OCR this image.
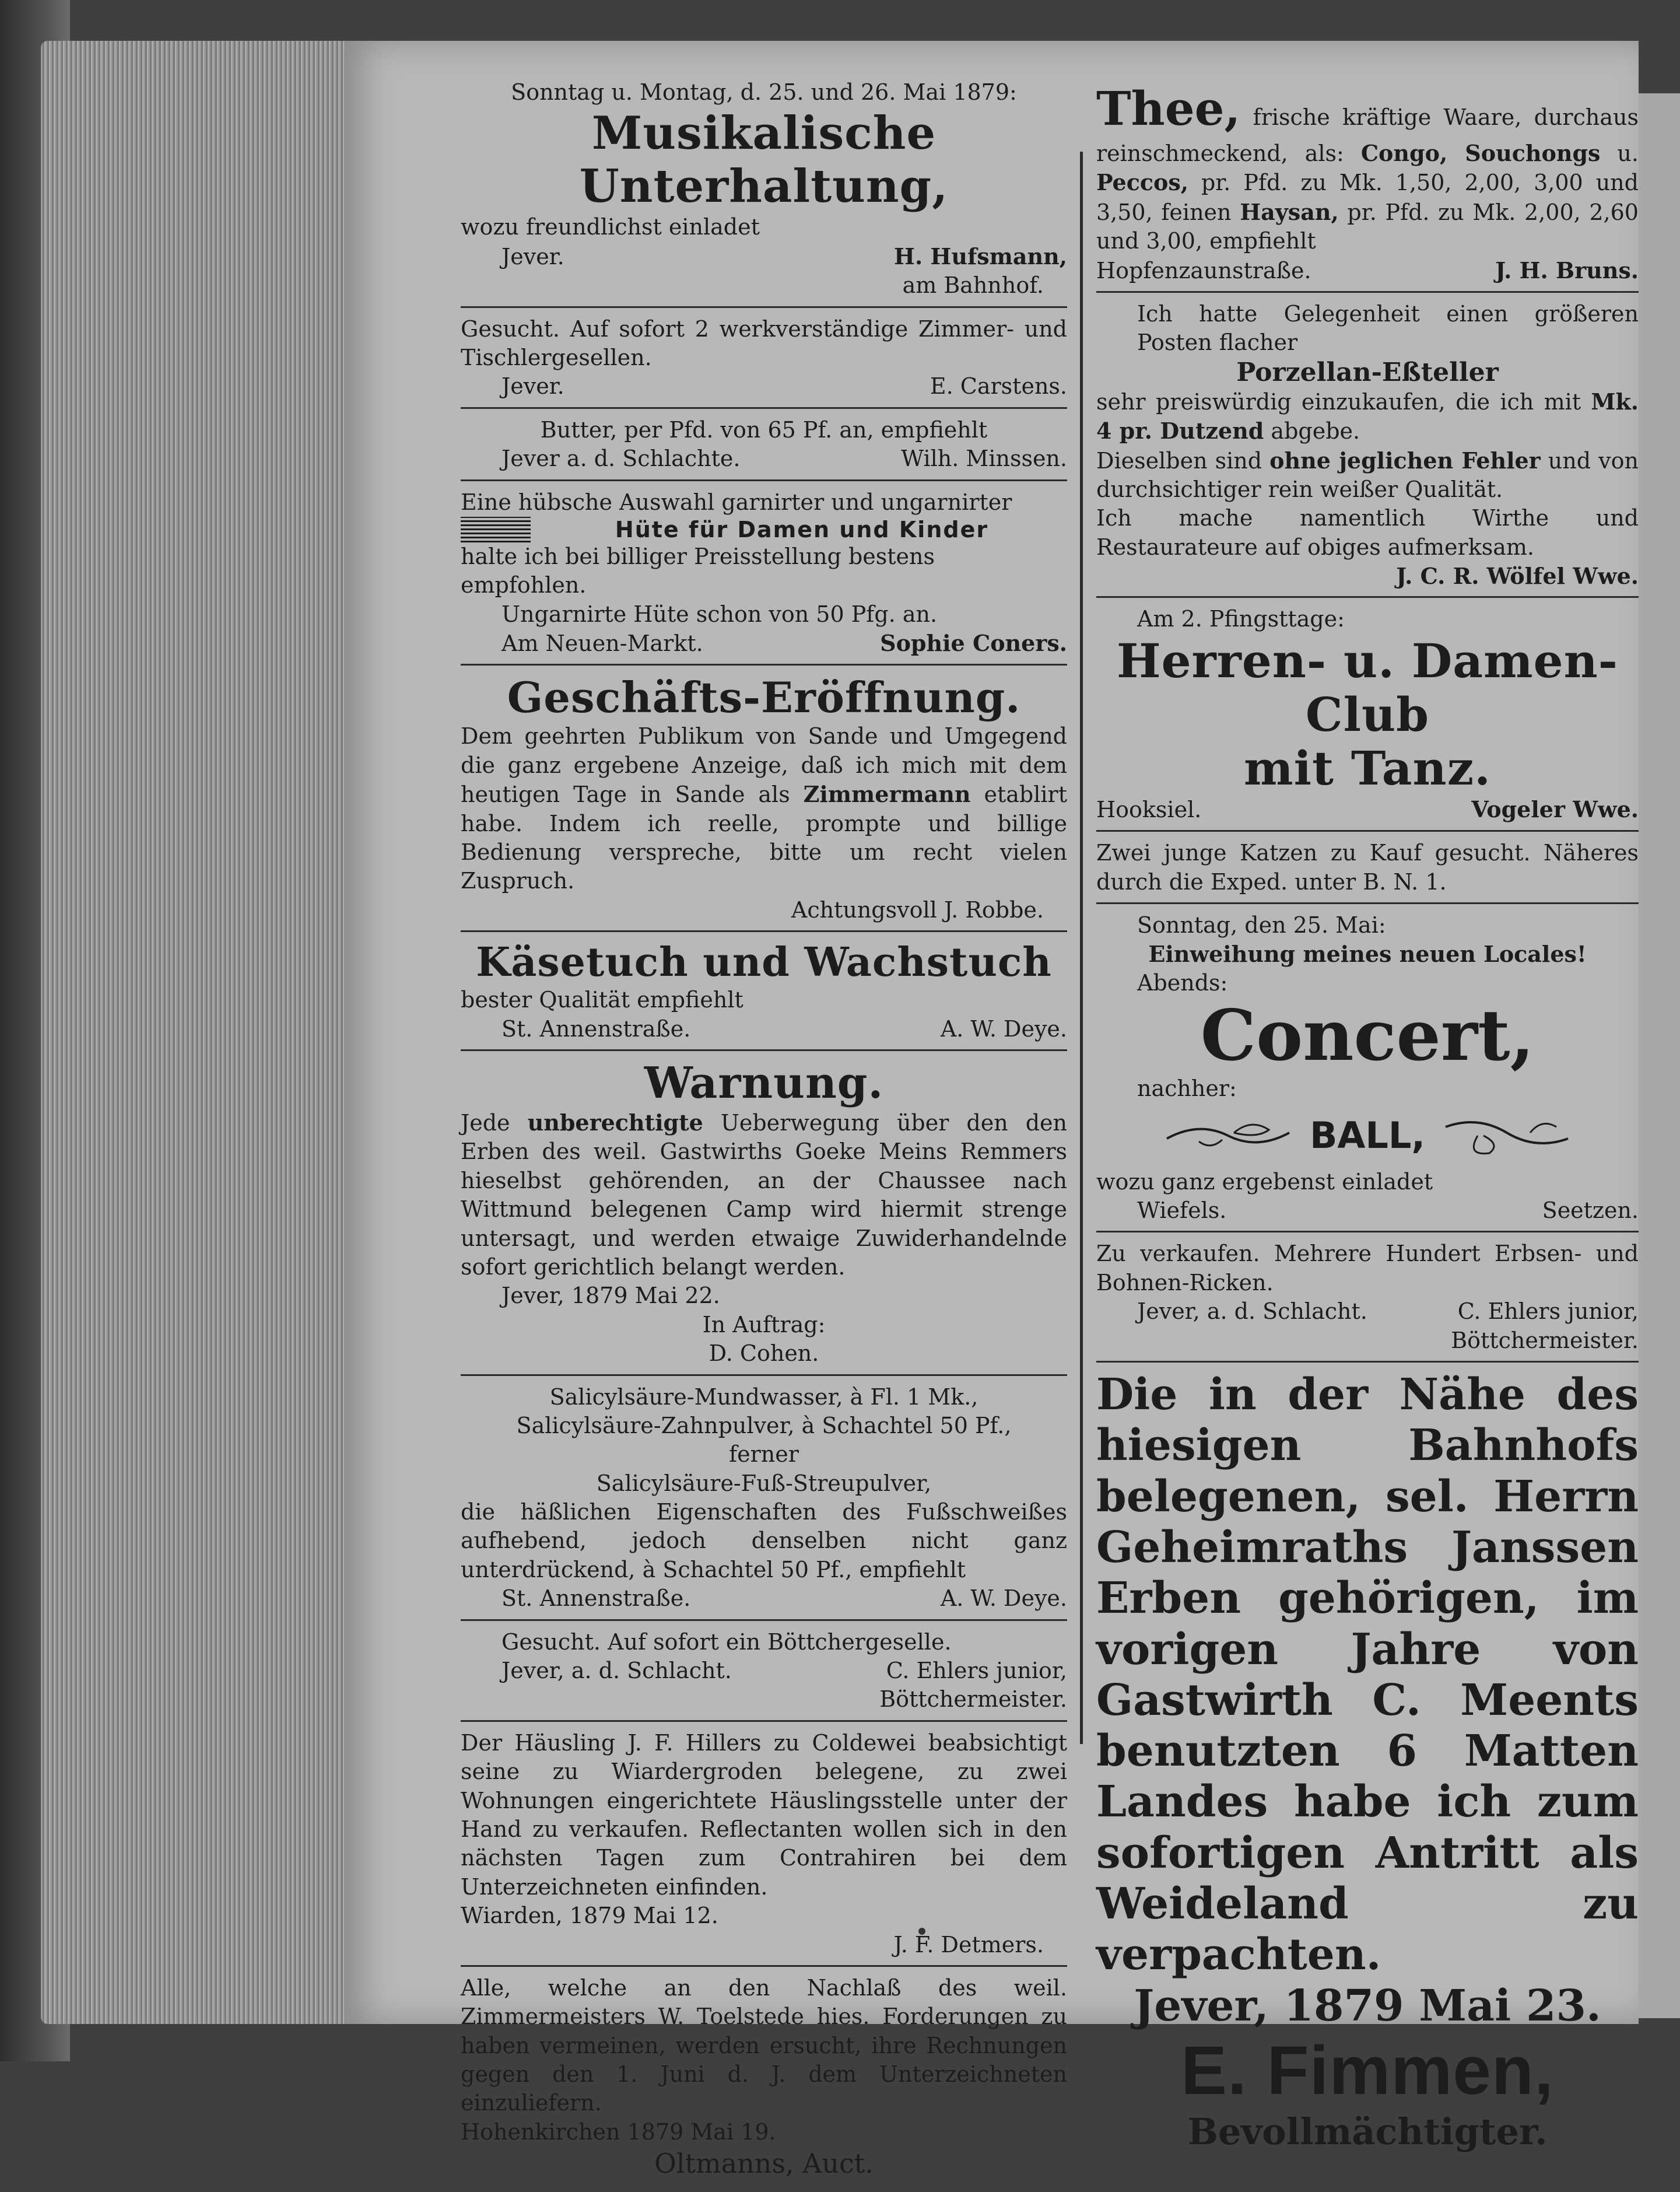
Sonntag u. Montag, d. 25. und 26. Mai 1879:
Musikalische Unterhaltung,
wozu freundlichst einladet
Jever.	H. Hufsmann,
am Bahnhof.
Gesucht. Auf sofort 2 werkverständige Zimmer- und Tischlergesellen.
Jever.	E. Carstens.
Butter, per Pfd. von 65 Pf. an, empfiehlt
Jever a. d. Schlachte.	Wilh. Minssen.
Eine hübsche Auswahl garnirter und ungarnirter
Hüte für Damen und Kinder
halte ich bei billiger Preisstellung bestens empfohlen.
Ungarnirte Hüte schon von 50 Pfg. an.
Am Neuen-Markt.	Sophie Coners.
Geschäfts-Eröffnung.
Dem geehrten Publikum von Sande und Umgegend die ganz ergebene Anzeige, daß ich mich mit dem heutigen Tage in Sande als Zimmermann etablirt habe. Indem ich reelle, prompte und billige Bedienung verspreche, bitte um recht vielen Zuspruch.
Achtungsvoll J. Robbe.
Käsetuch und Wachstuch
bester Qualität empfiehlt
St. Annenstraße.	A. W. Deye.
Warnung.
Jede unberechtigte Ueberwegung über den den Erben des weil. Gastwirths Goeke Meins Remmers hieselbst gehörenden, an der Chaussee nach Wittmund belegenen Camp wird hiermit strenge untersagt, und werden etwaige Zuwiderhandelnde sofort gerichtlich belangt werden.
Jever, 1879 Mai 22.
In Auftrag:
D. Cohen.
Salicylsäure-Mundwasser, à Fl. 1 Mk.,
Salicylsäure-Zahnpulver, à Schachtel 50 Pf.,
ferner
Salicylsäure-Fuß-Streupulver,
die häßlichen Eigenschaften des Fußschweißes aufhebend, jedoch denselben nicht ganz unterdrückend, à Schachtel 50 Pf., empfiehlt
St. Annenstraße.	A. W. Deye.
Gesucht. Auf sofort ein Böttchergeselle.
Jever, a. d. Schlacht.	C. Ehlers junior,
Böttchermeister.
Der Häusling J. F. Hillers zu Coldewei beabsichtigt seine zu Wiardergroden belegene, zu zwei Wohnungen eingerichtete Häuslingsstelle unter der Hand zu verkaufen. Reflectanten wollen sich in den nächsten Tagen zum Contrahiren bei dem Unterzeichneten einfinden.
Wiarden, 1879 Mai 12.
J. F. Detmers.
Alle, welche an den Nachlaß des weil. Zimmermeisters W. Toelstede hies. Forderungen zu haben vermeinen, werden ersucht, ihre Rechnungen gegen den 1. Juni d. J. dem Unterzeichneten einzuliefern.
Hohenkirchen 1879 Mai 19.
Oltmanns, Auct.
Thee, frische kräftige Waare, durchaus reinschmeckend, als: Congo, Souchongs u. Peccos, pr. Pfd. zu Mk. 1,50, 2,00, 3,00 und 3,50, feinen Haysan, pr. Pfd. zu Mk. 2,00, 2,60 und 3,00, empfiehlt
Hopfenzaunstraße.	J. H. Bruns.
Ich hatte Gelegenheit einen größeren Posten flacher
Porzellan-Eßteller
sehr preiswürdig einzukaufen, die ich mit Mk. 4 pr. Dutzend abgebe.
Dieselben sind ohne jeglichen Fehler und von durchsichtiger rein weißer Qualität.
Ich mache namentlich Wirthe und Restaurateure auf obiges aufmerksam.
J. C. R. Wölfel Wwe.
Am 2. Pfingsttage:
Herren- u. Damen-Club
mit Tanz.
Hooksiel.	Vogeler Wwe.
Zwei junge Katzen zu Kauf gesucht. Näheres durch die Exped. unter B. N. 1.
Sonntag, den 25. Mai:
Einweihung meines neuen Locales!
Abends:
Concert,
nachher:
BALL,
wozu ganz ergebenst einladet
Wiefels.	Seetzen.
Zu verkaufen. Mehrere Hundert Erbsen- und Bohnen-Ricken.
Jever, a. d. Schlacht.	C. Ehlers junior,
Böttchermeister.
Die in der Nähe des hiesigen Bahnhofs belegenen, sel. Herrn Geheimraths Janssen Erben gehörigen, im vorigen Jahre von Gastwirth C. Meents benutzten 6 Matten Landes habe ich zum sofortigen Antritt als Weideland zu verpachten.
Jever, 1879 Mai 23.
E. Fimmen,
Bevollmächtigter.
